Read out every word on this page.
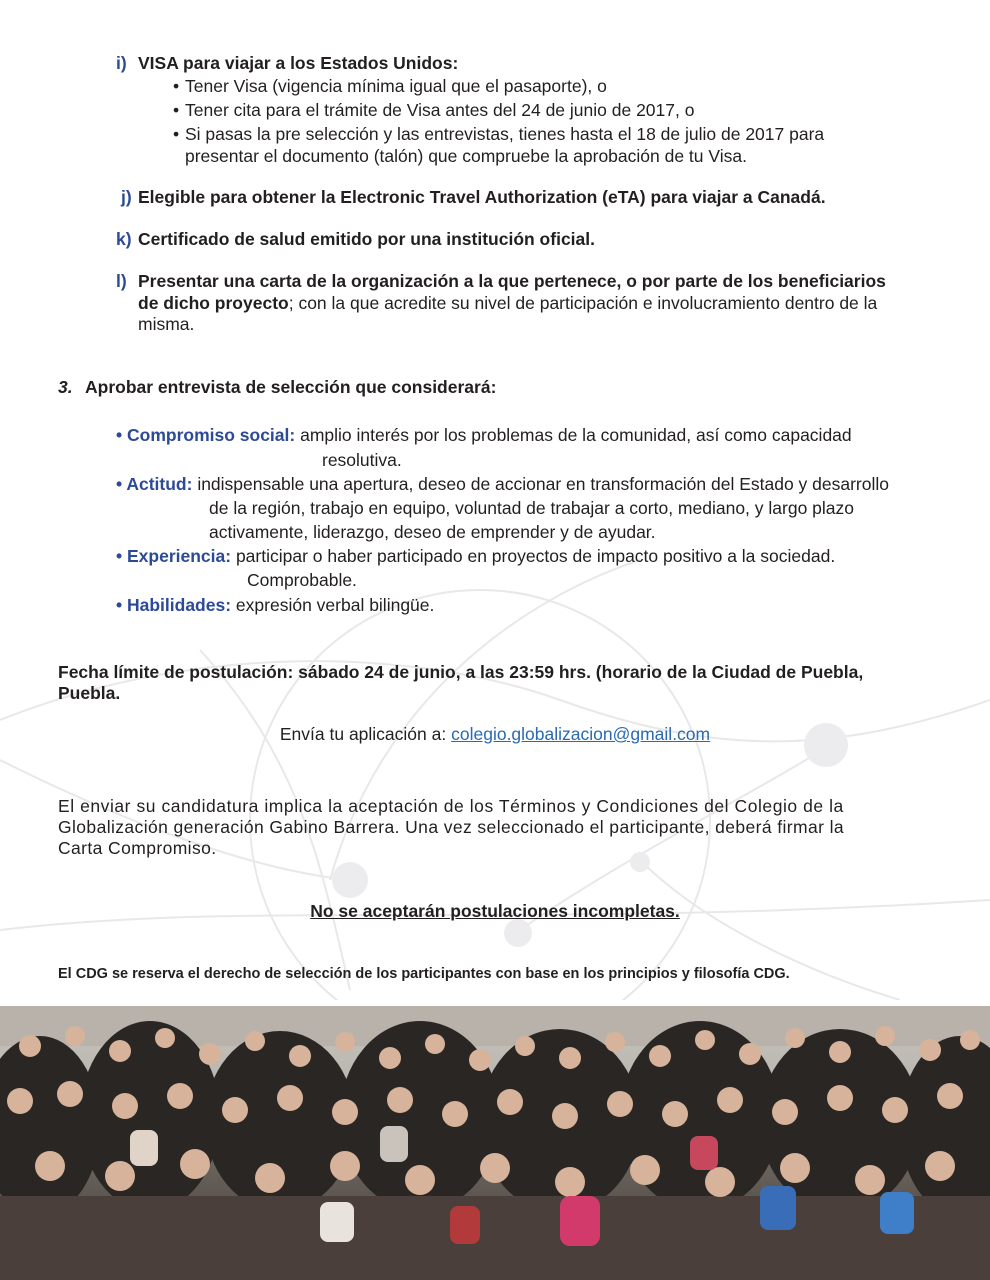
i) VISA para viajar a los Estados Unidos:
• Tener Visa (vigencia mínima igual que el pasaporte), o
• Tener cita para el trámite de Visa antes del 24 de junio de 2017, o
• Si pasas la pre selección y las entrevistas, tienes hasta el 18 de julio de 2017 para
presentar el documento (talón) que compruebe la aprobación de tu Visa.
j) Elegible para obtener la Electronic Travel Authorization (eTA) para viajar a Canadá.
k) Certificado de salud emitido por una institución oficial.
l) Presentar una carta de la organización a la que pertenece, o por parte de los beneficiarios
de dicho proyecto; con la que acredite su nivel de participación e involucramiento dentro de la
misma.
3. Aprobar entrevista de selección que considerará:
• Compromiso social: amplio interés por los problemas de la comunidad, así como capacidad
resolutiva.
• Actitud: indispensable una apertura, deseo de accionar en transformación del Estado y desarrollo
de la región, trabajo en equipo, voluntad de trabajar a corto, mediano, y largo plazo
activamente, liderazgo, deseo de emprender y de ayudar.
• Experiencia: participar o haber participado en proyectos de impacto positivo a la sociedad.
Comprobable.
• Habilidades: expresión verbal bilingüe.
Fecha límite de postulación: sábado 24 de junio, a las 23:59 hrs. (horario de la Ciudad de Puebla,
Puebla.
Envía tu aplicación a: colegio.globalizacion@gmail.com
El enviar su candidatura implica la aceptación de los Términos y Condiciones del Colegio de la
Globalización generación Gabino Barrera. Una vez seleccionado el participante, deberá firmar la
Carta Compromiso.
No se aceptarán postulaciones incompletas.
El CDG se reserva el derecho de selección de los participantes con base en los principios y filosofía CDG.
